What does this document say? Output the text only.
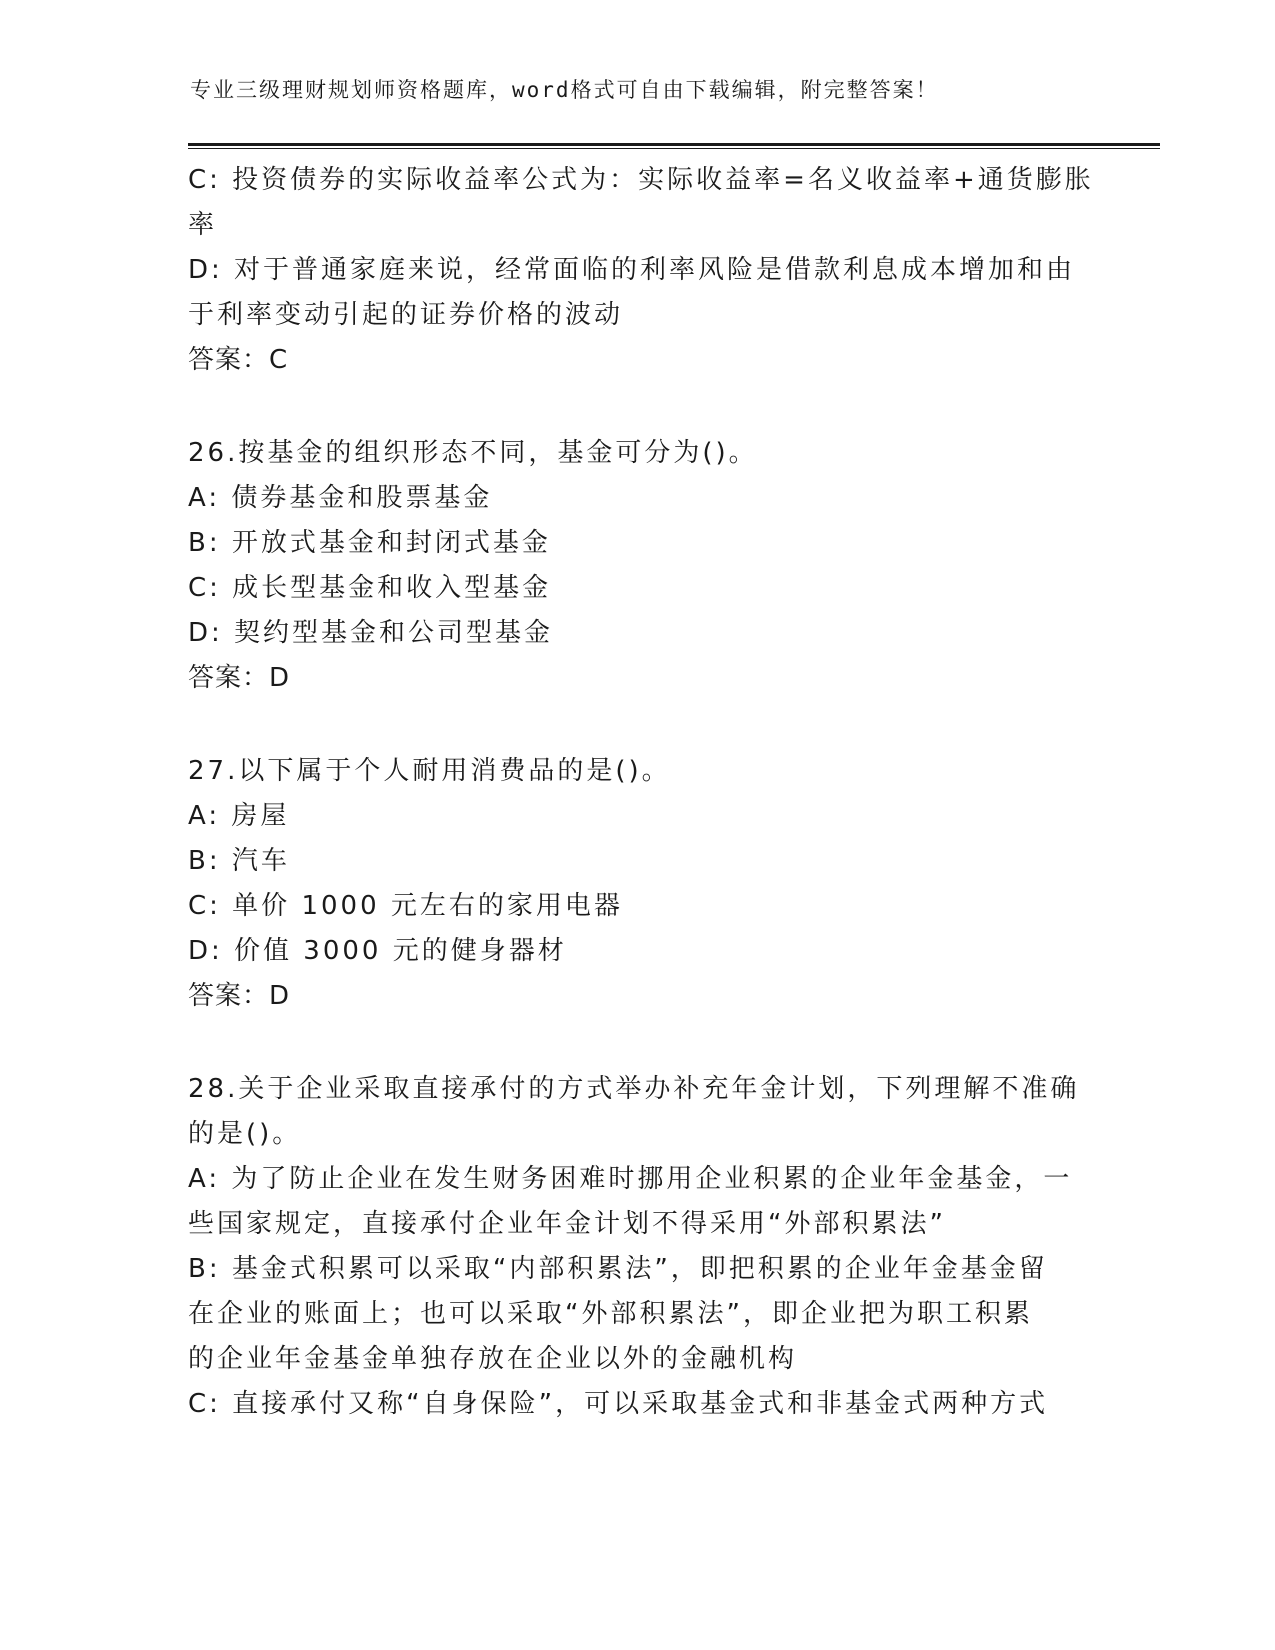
专业三级理财规划师资格题库，word格式可自由下载编辑，附完整答案！
C: 投资债券的实际收益率公式为：实际收益率=名义收益率+通货膨胀
率
D: 对于普通家庭来说，经常面临的利率风险是借款利息成本增加和由
于利率变动引起的证券价格的波动
答案：C
26.按基金的组织形态不同，基金可分为()。
A: 债券基金和股票基金
B: 开放式基金和封闭式基金
C: 成长型基金和收入型基金
D: 契约型基金和公司型基金
答案：D
27.以下属于个人耐用消费品的是()。
A: 房屋
B: 汽车
C: 单价 1000 元左右的家用电器
D: 价值 3000 元的健身器材
答案：D
28.关于企业采取直接承付的方式举办补充年金计划，下列理解不准确
的是()。
A: 为了防止企业在发生财务困难时挪用企业积累的企业年金基金，一
些国家规定，直接承付企业年金计划不得采用“外部积累法”
B: 基金式积累可以采取“内部积累法”，即把积累的企业年金基金留
在企业的账面上；也可以采取“外部积累法”，即企业把为职工积累
的企业年金基金单独存放在企业以外的金融机构
C: 直接承付又称“自身保险”，可以采取基金式和非基金式两种方式
